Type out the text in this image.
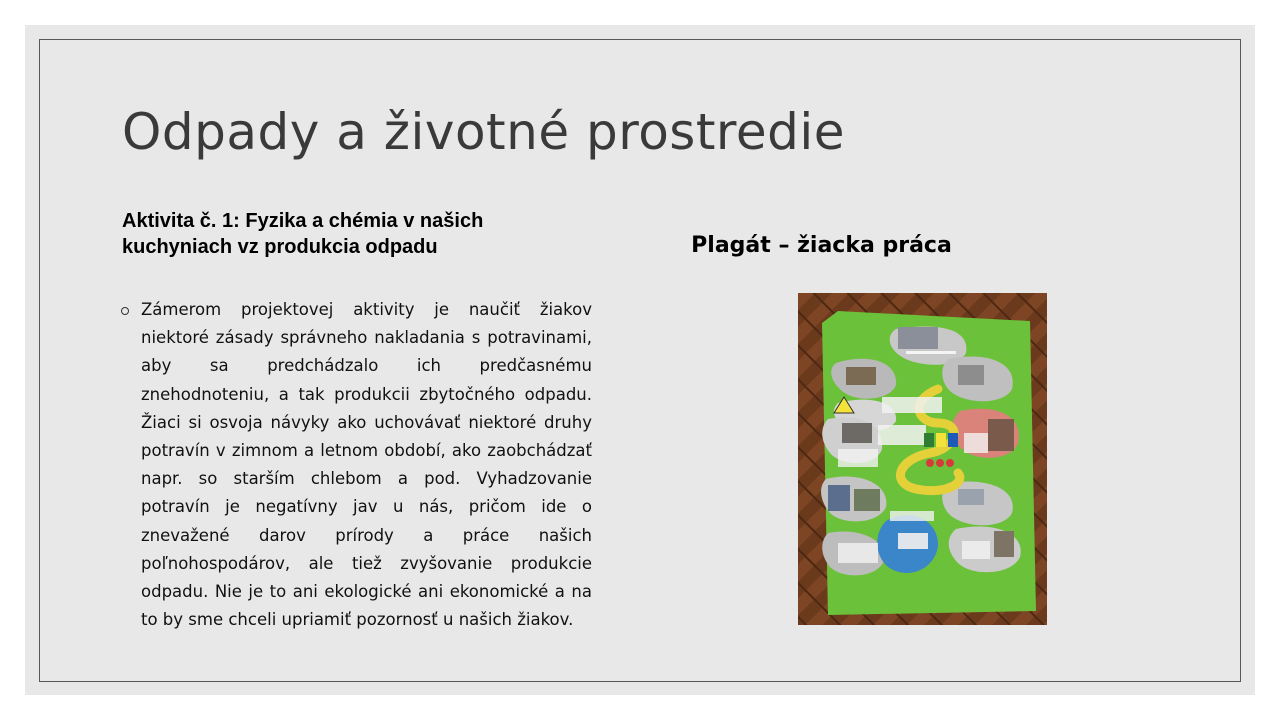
Odpady a životné prostredie
Aktivita č. 1: Fyzika a chémia v našich kuchyniach vz produkcia odpadu
Zámerom projektovej aktivity je naučiť žiakov niektoré zásady správneho nakladania s potravinami, aby sa predchádzalo ich predčasnému znehodnoteniu, a tak produkcii zbytočného odpadu. Žiaci si osvoja návyky ako uchovávať niektoré druhy potravín v zimnom a letnom období, ako zaobchádzať napr. so starším chlebom a pod. Vyhadzovanie potravín je negatívny jav u nás, pričom ide o znevažené darov prírody a práce našich poľnohospodárov, ale tiež zvyšovanie produkcie odpadu. Nie je to ani ekologické ani ekonomické a na to by sme chceli upriamiť pozornosť u našich žiakov.
Plagát – žiacka práca
